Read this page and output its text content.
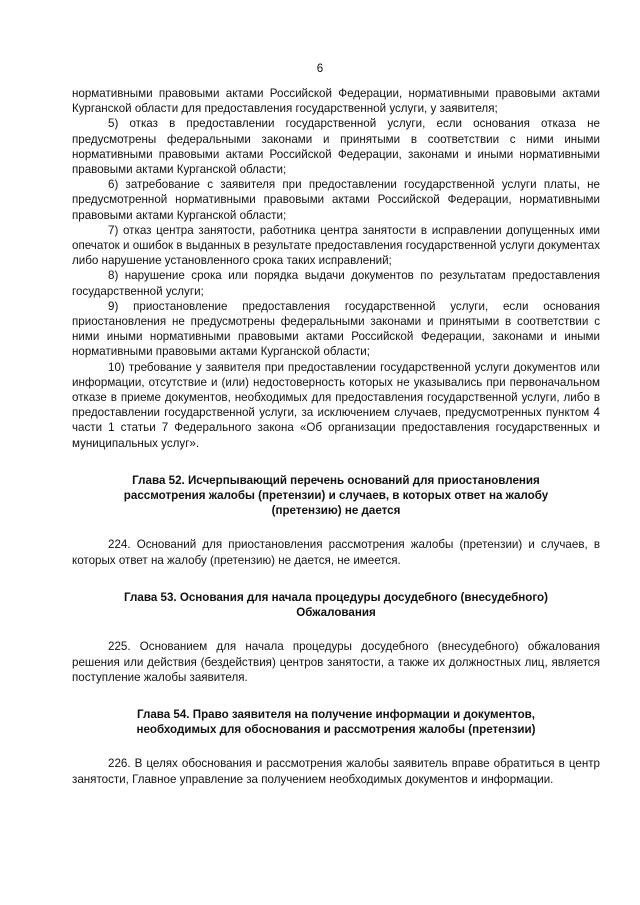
6

нормативными правовыми актами Российской Федерации, нормативными правовыми актами Курганской области для предоставления государственной услуги, у заявителя;

5) отказ в предоставлении государственной услуги, если основания отказа не предусмотрены федеральными законами и принятыми в соответствии с ними иными нормативными правовыми актами Российской Федерации, законами и иными нормативными правовыми актами Курганской области;

6) затребование с заявителя при предоставлении государственной услуги платы, не предусмотренной нормативными правовыми актами Российской Федерации, нормативными правовыми актами Курганской области;

7) отказ центра занятости, работника центра занятости в исправлении допущенных ими опечаток и ошибок в выданных в результате предоставления государственной услуги документах либо нарушение установленного срока таких исправлений;

8) нарушение срока или порядка выдачи документов по результатам предоставления государственной услуги;

9) приостановление предоставления государственной услуги, если основания приостановления не предусмотрены федеральными законами и принятыми в соответствии с ними иными нормативными правовыми актами Российской Федерации, законами и иными нормативными правовыми актами Курганской области;

10) требование у заявителя при предоставлении государственной услуги документов или информации, отсутствие и (или) недостоверность которых не указывались при первоначальном отказе в приеме документов, необходимых для предоставления государственной услуги, либо в предоставлении государственной услуги, за исключением случаев, предусмотренных пунктом 4 части 1 статьи 7 Федерального закона «Об организации предоставления государственных и муниципальных услуг».

Глава 52. Исчерпывающий перечень оснований для приостановления

рассмотрения жалобы (претензии) и случаев, в которых ответ на жалобу

(претензию) не дается

224. Оснований для приостановления рассмотрения жалобы (претензии) и случаев, в которых ответ на жалобу (претензию) не дается, не имеется.

Глава 53. Основания для начала процедуры досудебного (внесудебного)

Обжалования

225. Основанием для начала процедуры досудебного (внесудебного) обжалования решения или действия (бездействия) центров занятости, а также их должностных лиц, является поступление жалобы заявителя.

Глава 54. Право заявителя на получение информации и документов,

необходимых для обоснования и рассмотрения жалобы (претензии)

226. В целях обоснования и рассмотрения жалобы заявитель вправе обратиться в центр занятости, Главное управление за получением необходимых документов и информации.
